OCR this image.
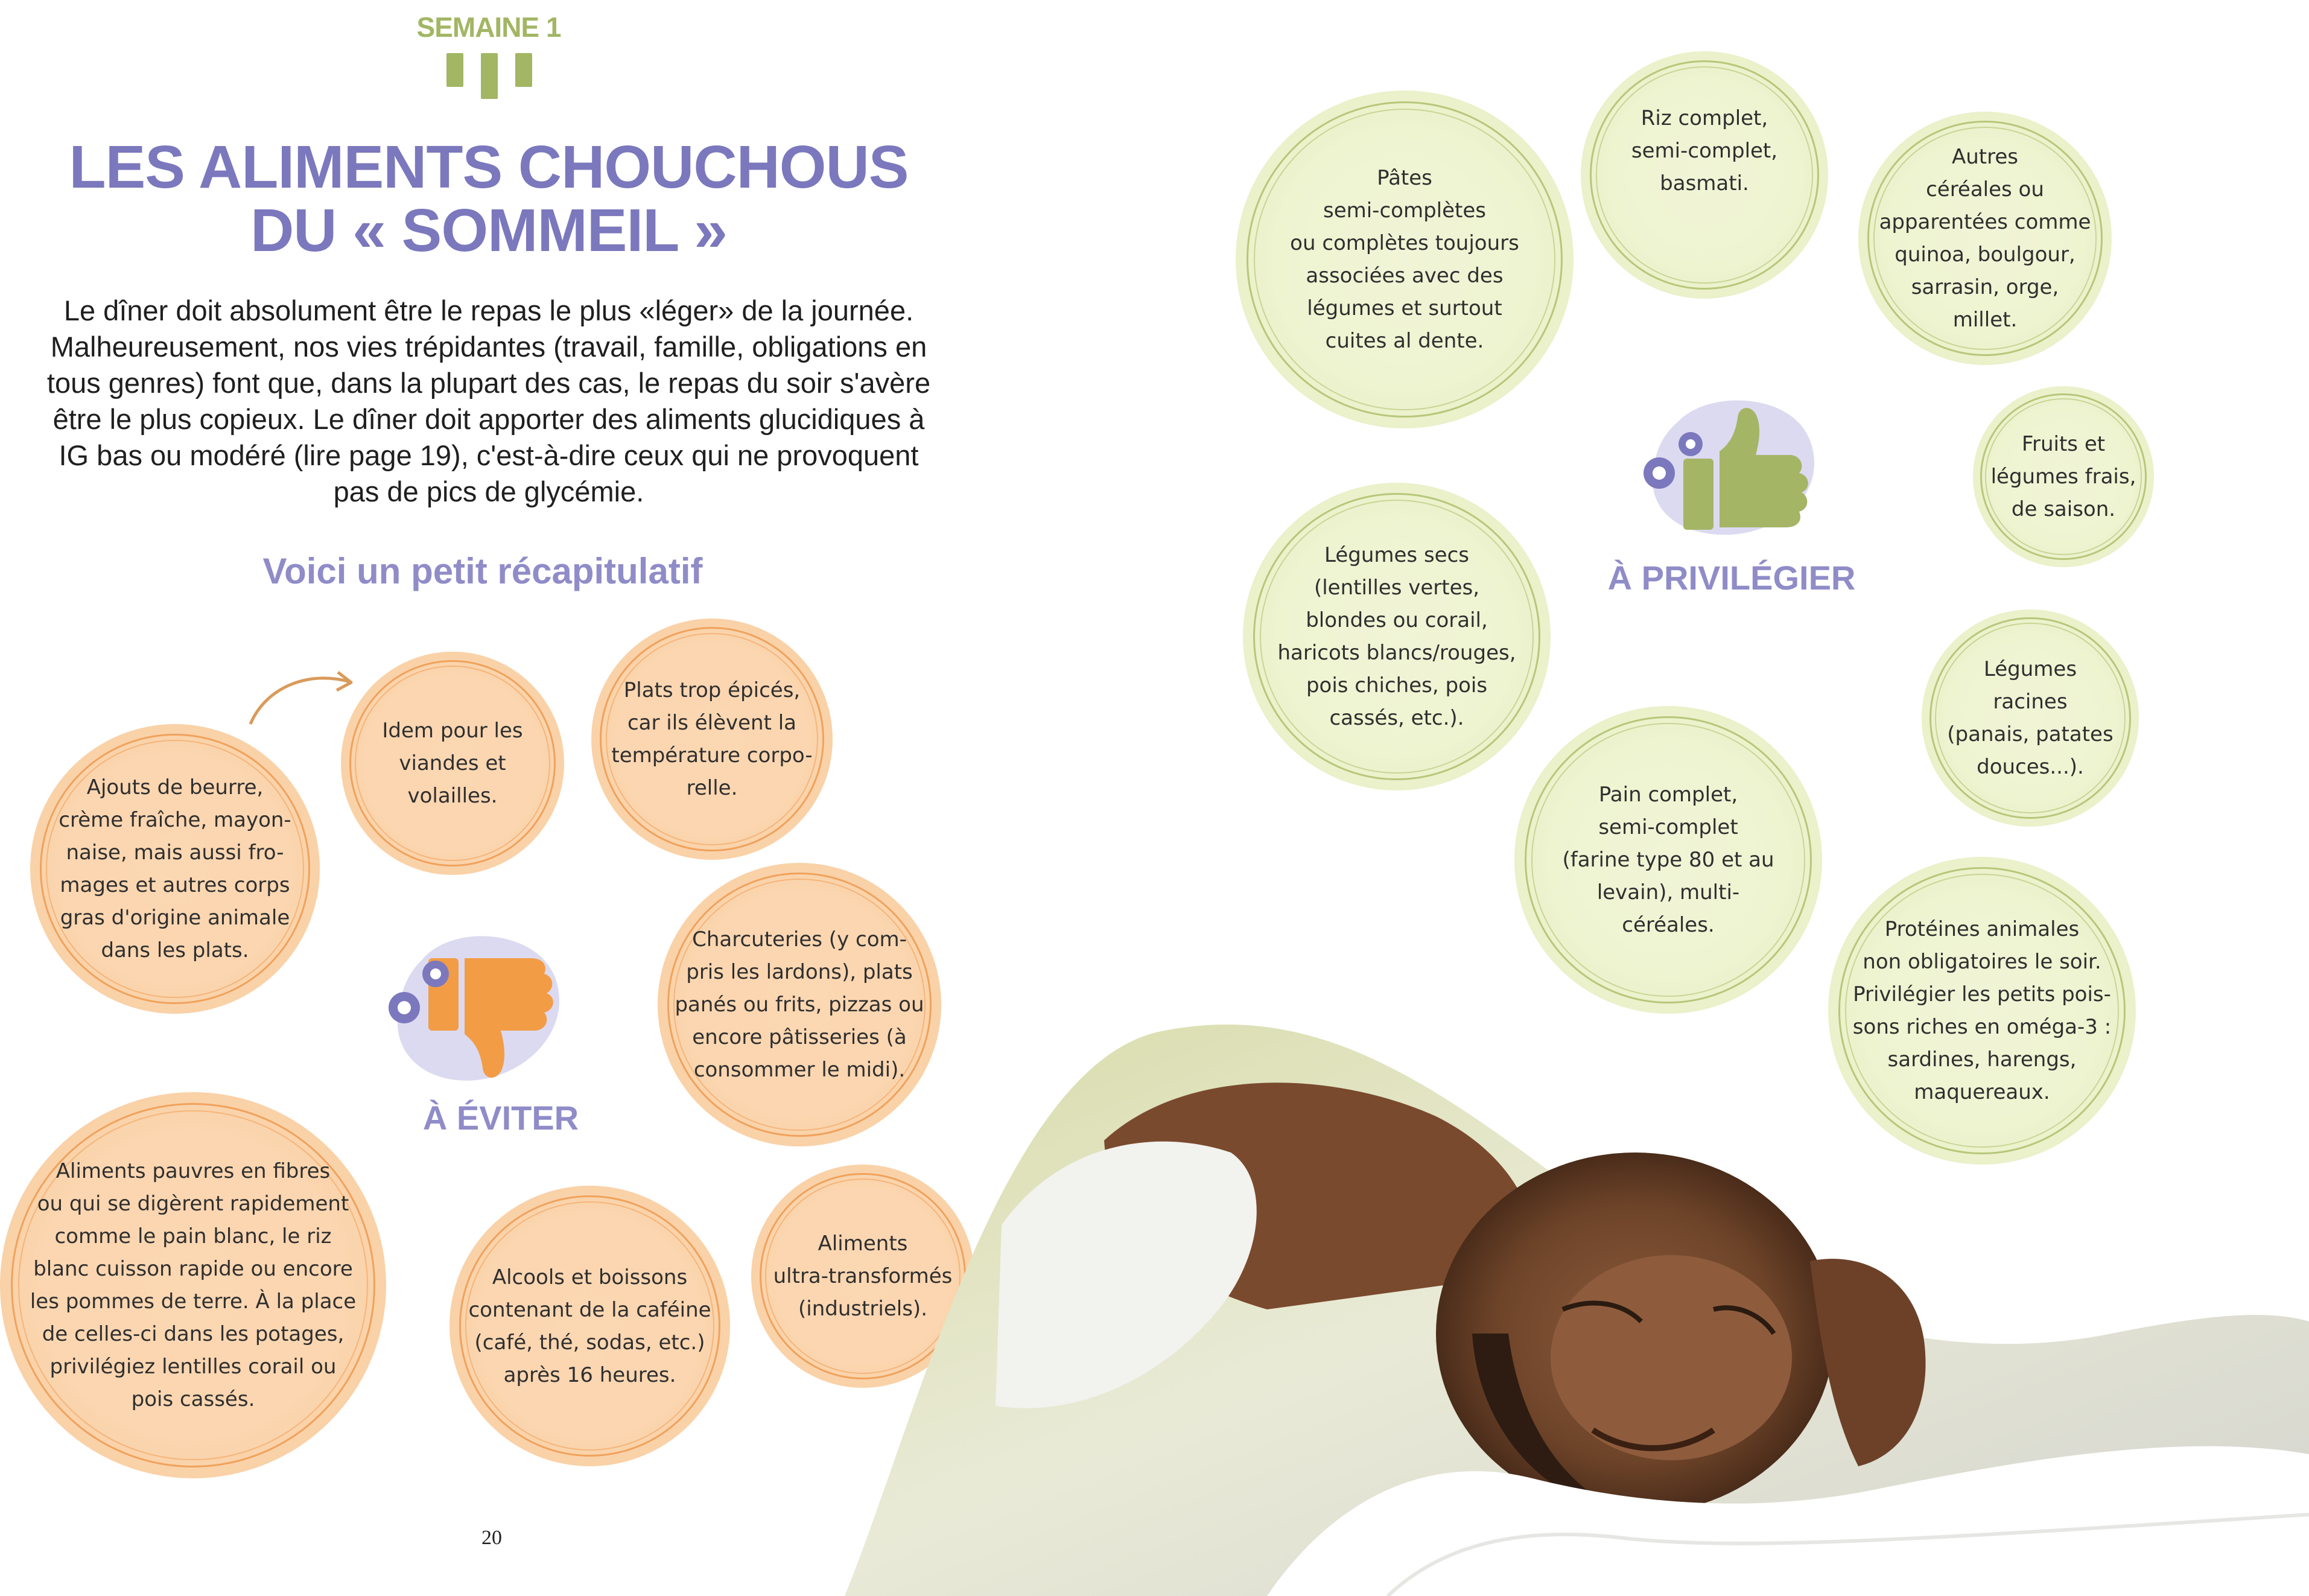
SEMAINE 1
LES ALIMENTS CHOUCHOUS
DU « SOMMEIL »
Le dîner doit absolument être le repas le plus «léger» de la journée.
Malheureusement, nos vies trépidantes (travail, famille, obligations en
tous genres) font que, dans la plupart des cas, le repas du soir s'avère
être le plus copieux. Le dîner doit apporter des aliments glucidiques à
IG bas ou modéré (lire page 19), c'est-à-dire ceux qui ne provoquent
pas de pics de glycémie.
Voici un petit récapitulatif
Ajouts de beurre,
crème fraîche, mayon-
naise, mais aussi fro-
mages et autres corps
gras d'origine animale
dans les plats.
Idem pour les
viandes et
volailles.
Plats trop épicés,
car ils élèvent la
température corpo-
relle.
Charcuteries (y com-
pris les lardons), plats
panés ou frits, pizzas ou
encore pâtisseries (à
consommer le midi).
Aliments pauvres en fibres
ou qui se digèrent rapidement
comme le pain blanc, le riz
blanc cuisson rapide ou encore
les pommes de terre. À la place
de celles-ci dans les potages,
privilégiez lentilles corail ou
pois cassés.
Alcools et boissons
contenant de la caféine
(café, thé, sodas, etc.)
après 16 heures.
Aliments
ultra-transformés
(industriels).
À ÉVITER
20
Pâtes
semi-complètes
ou complètes toujours
associées avec des
légumes et surtout
cuites al dente.
Riz complet,
semi-complet,
basmati.
Autres
céréales ou
apparentées comme
quinoa, boulgour,
sarrasin, orge,
millet.
Fruits et
légumes frais,
de saison.
Légumes secs
(lentilles vertes,
blondes ou corail,
haricots blancs/rouges,
pois chiches, pois
cassés, etc.).
Légumes
racines
(panais, patates
douces...).
Pain complet,
semi-complet
(farine type 80 et au
levain), multi-
céréales.	Protéines animales
non obligatoires le soir.
Privilégier les petits pois-
sons riches en oméga-3 :
sardines, harengs,
maquereaux.
À PRIVILÉGIER
